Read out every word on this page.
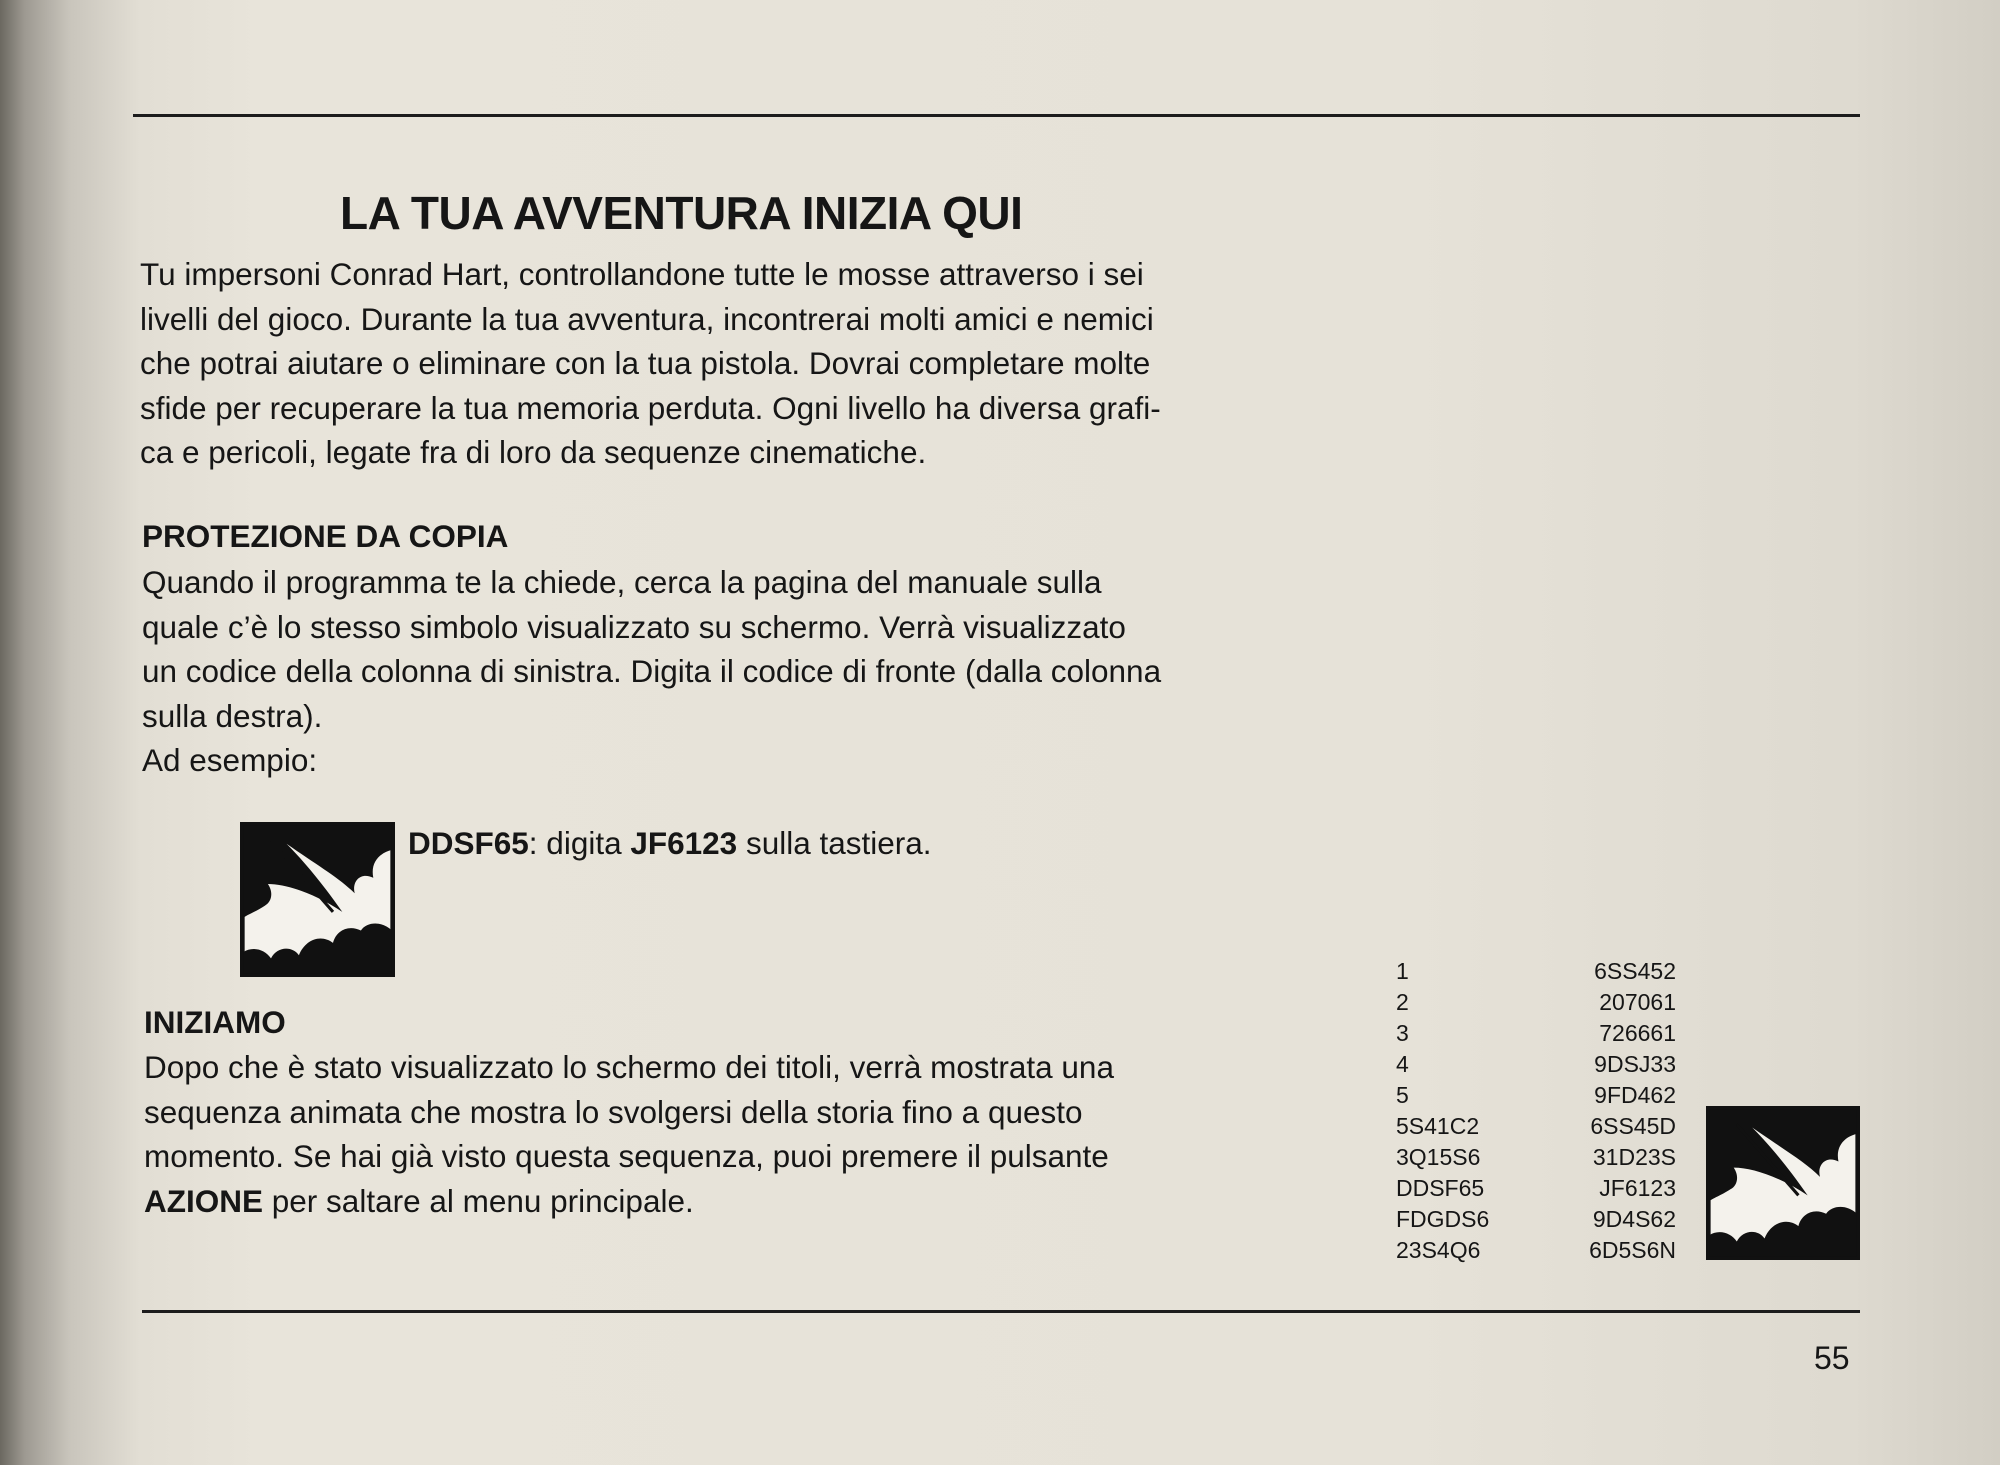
LA TUA AVVENTURA INIZIA QUI
Tu impersoni Conrad Hart, controllandone tutte le mosse attraverso i sei
livelli del gioco. Durante la tua avventura, incontrerai molti amici e nemici
che potrai aiutare o eliminare con la tua pistola. Dovrai completare molte
sfide per recuperare la tua memoria perduta. Ogni livello ha diversa grafi-
ca e pericoli, legate fra di loro da sequenze cinematiche.
PROTEZIONE DA COPIA
Quando il programma te la chiede, cerca la pagina del manuale sulla
quale c’è lo stesso simbolo visualizzato su schermo. Verrà visualizzato
un codice della colonna di sinistra. Digita il codice di fronte (dalla colonna
sulla destra).
Ad esempio:
DDSF65: digita JF6123 sulla tastiera.
INIZIAMO
Dopo che è stato visualizzato lo schermo dei titoli, verrà mostrata una
sequenza animata che mostra lo svolgersi della storia fino a questo
momento. Se hai già visto questa sequenza, puoi premere il pulsante
AZIONE per saltare al menu principale.
1
2
3
4
5
5S41C2
3Q15S6
DDSF65
FDGDS6
23S4Q6
6SS452
207061
726661
9DSJ33
9FD462
6SS45D
31D23S
JF6123
9D4S62
6D5S6N
55
